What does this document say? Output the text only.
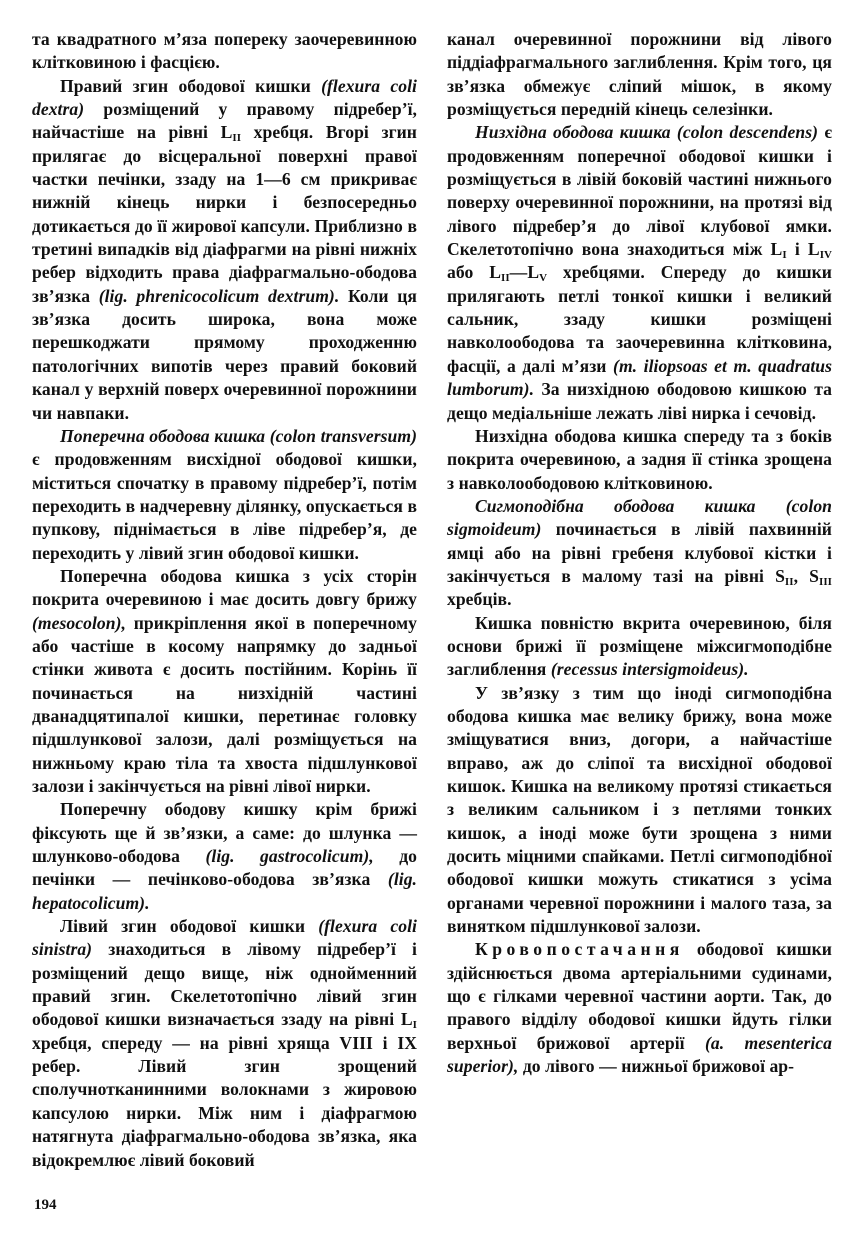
та квадратного м’яза попереку заочеревинною клітковиною і фасцією.

Правий згин ободової кишки (flexura coli dextra) розміщений у правому підребер’ї, найчастіше на рівні $L_{II}$ хребця. Вгорі згин прилягає до вісцеральної поверхні правої частки печінки, ззаду на 1—6 см прикриває нижній кінець нирки і безпосередньо дотикається до її жирової капсули. Приблизно в третині випадків від діафрагми на рівні нижніх ребер відходить права діафрагмально-ободова зв’язка (lig. phrenicocolicum dextrum). Коли ця зв’язка досить широка, вона може перешкоджати прямому проходженню патологічних випотів через правий боковий канал у верхній поверх очеревинної порожнини чи навпаки.

Поперечна ободова кишка (colon transversum) є продовженням висхідної ободової кишки, міститься спочатку в правому підребер’ї, потім переходить в надчеревну ділянку, опускається в пупкову, піднімається в ліве підребер’я, де переходить у лівий згин ободової кишки.

Поперечна ободова кишка з усіх сторін покрита очеревиною і має досить довгу брижу (mesocolon), прикріплення якої в поперечному або частіше в косому напрямку до задньої стінки живота є досить постійним. Корінь її починається на низхідній частині дванадцятипалої кишки, перетинає головку підшлункової залози, далі розміщується на нижньому краю тіла та хвоста підшлункової залози і закінчується на рівні лівої нирки.

Поперечну ободову кишку крім брижі фіксують ще й зв’язки, а саме: до шлунка — шлунково-ободова (lig. gastrocolicum), до печінки — печінково-ободова зв’язка (lig. hepatocolicum).

Лівий згин ободової кишки (flexura coli sinistra) знаходиться в лівому підребер’ї і розміщений дещо вище, ніж однойменний правий згин. Скелетотопічно лівий згин ободової кишки визначається ззаду на рівні $L_I$ хребця, спереду — на рівні хряща VIII і IX ребер. Лівий згин зрощений сполучнотканинними волокнами з жировою капсулою нирки. Між ним і діафрагмою натягнута діафрагмально-ободова зв’язка, яка відокремлює лівий боковий

канал очеревинної порожнини від лівого піддіафрагмального заглиблення. Крім того, ця зв’язка обмежує сліпий мішок, в якому розміщується передній кінець селезінки.

Низхідна ободова кишка (colon descendens) є продовженням поперечної ободової кишки і розміщується в лівій боковій частині нижнього поверху очеревинної порожнини, на протязі від лівого підребер’я до лівої клубової ямки. Скелетотопічно вона знаходиться між $L_I$ і $L_{IV}$ або $L_{II}—L_V$ хребцями. Спереду до кишки прилягають петлі тонкої кишки і великий сальник, ззаду кишки розміщені навколоободова та заочеревинна клітковина, фасції, а далі м’язи (m. iliopsoas et m. quadratus lumborum). За низхідною ободовою кишкою та дещо медіальніше лежать ліві нирка і сечовід.

Низхідна ободова кишка спереду та з боків покрита очеревиною, а задня її стінка зрощена з навколоободовою клітковиною.

Сигмоподібна ободова кишка (colon sigmoideum) починається в лівій пахвинній ямці або на рівні гребеня клубової кістки і закінчується в малому тазі на рівні $S_{II}$, $S_{III}$ хребців.

Кишка повністю вкрита очеревиною, біля основи брижі її розміщене міжсигмоподібне заглиблення (recessus intersigmoideus).

У зв’язку з тим що іноді сигмоподібна ободова кишка має велику брижу, вона може зміщуватися вниз, догори, а найчастіше вправо, аж до сліпої та висхідної ободової кишок. Кишка на великому протязі стикається з великим сальником і з петлями тонких кишок, а іноді може бути зрощена з ними досить міцними спайками. Петлі сигмоподібної ободової кишки можуть стикатися з усіма органами черевної порожнини і малого таза, за винятком підшлункової залози.

Кровопостачання ободової кишки здійснюється двома артеріальними судинами, що є гілками черевної частини аорти. Так, до правого відділу ободової кишки йдуть гілки верхньої брижової артерії (a. mesenterica superior), до лівого — нижньої брижової ар-

194
